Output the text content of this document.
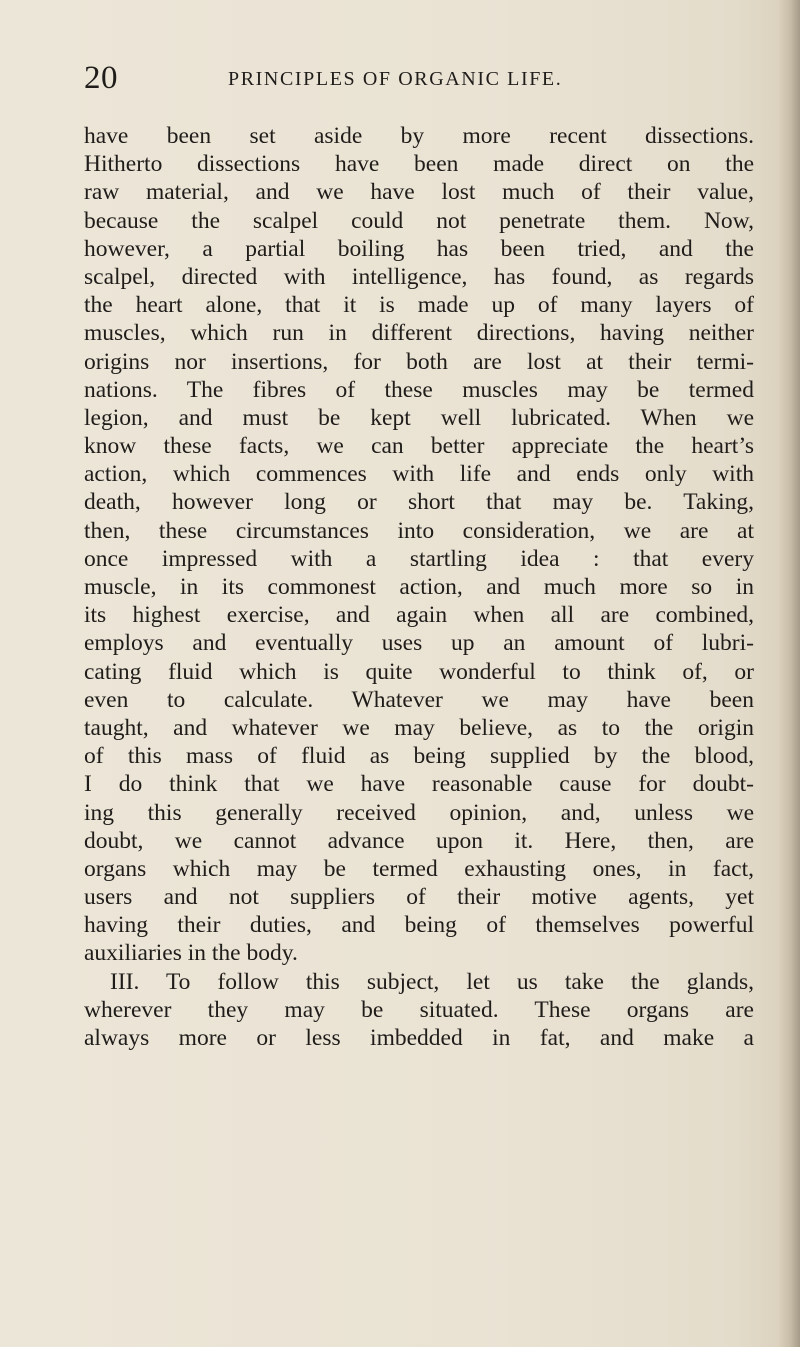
20	PRINCIPLES OF ORGANIC LIFE.
have been set aside by more recent dissections.
Hitherto dissections have been made direct on the
raw material, and we have lost much of their value,
because the scalpel could not penetrate them. Now,
however, a partial boiling has been tried, and the
scalpel, directed with intelligence, has found, as regards
the heart alone, that it is made up of many layers of
muscles, which run in different directions, having neither
origins nor insertions, for both are lost at their termi-
nations. The fibres of these muscles may be termed
legion, and must be kept well lubricated. When we
know these facts, we can better appreciate the heart’s
action, which commences with life and ends only with
death, however long or short that may be. Taking,
then, these circumstances into consideration, we are at
once impressed with a startling idea : that every
muscle, in its commonest action, and much more so in
its highest exercise, and again when all are combined,
employs and eventually uses up an amount of lubri-
cating fluid which is quite wonderful to think of, or
even to calculate. Whatever we may have been
taught, and whatever we may believe, as to the origin
of this mass of fluid as being supplied by the blood,
I do think that we have reasonable cause for doubt-
ing this generally received opinion, and, unless we
doubt, we cannot advance upon it. Here, then, are
organs which may be termed exhausting ones, in fact,
users and not suppliers of their motive agents, yet
having their duties, and being of themselves powerful
auxiliaries in the body.
III. To follow this subject, let us take the glands,
wherever they may be situated. These organs are
always more or less imbedded in fat, and make a
